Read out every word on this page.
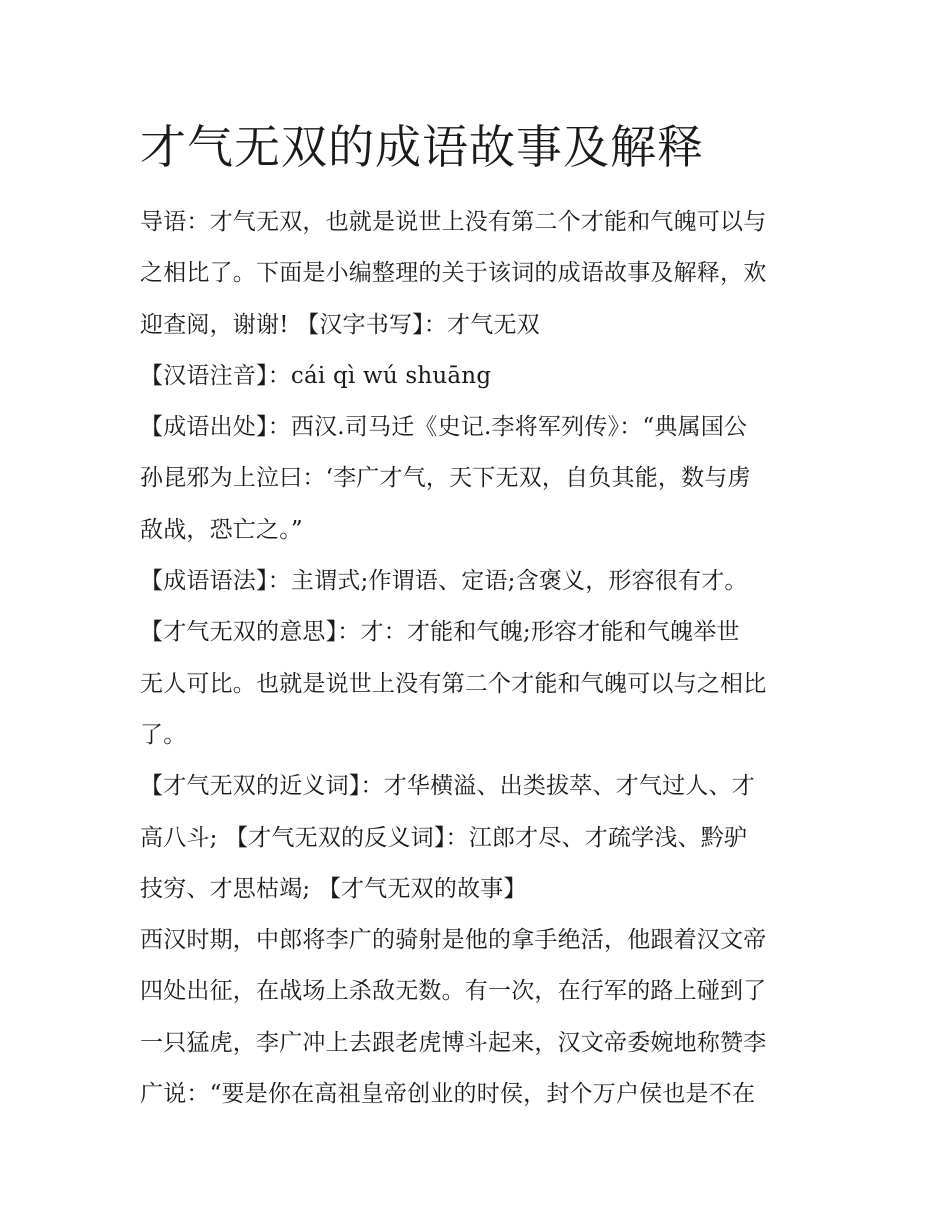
才气无双的成语故事及解释
导语：才气无双，也就是说世上没有第二个才能和气魄可以与
之相比了。下面是小编整理的关于该词的成语故事及解释，欢
迎查阅，谢谢! 【汉字书写】：才气无双
【汉语注音】：cái qì wú shuāng
【成语出处】：西汉.司马迁《史记.李将军列传》：“典属国公
孙昆邪为上泣曰：‘李广才气，天下无双，自负其能，数与虏
敌战，恐亡之。”
【成语语法】：主谓式;作谓语、定语;含褒义，形容很有才。
【才气无双的意思】：才：才能和气魄;形容才能和气魄举世
无人可比。也就是说世上没有第二个才能和气魄可以与之相比
了。
【才气无双的近义词】：才华横溢、出类拔萃、才气过人、才
高八斗; 【才气无双的反义词】：江郎才尽、才疏学浅、黔驴
技穷、才思枯竭; 【才气无双的故事】
西汉时期，中郎将李广的骑射是他的拿手绝活，他跟着汉文帝
四处出征，在战场上杀敌无数。有一次，在行军的路上碰到了
一只猛虎，李广冲上去跟老虎博斗起来，汉文帝委婉地称赞李
广说：“要是你在高祖皇帝创业的时侯，封个万户侯也是不在
